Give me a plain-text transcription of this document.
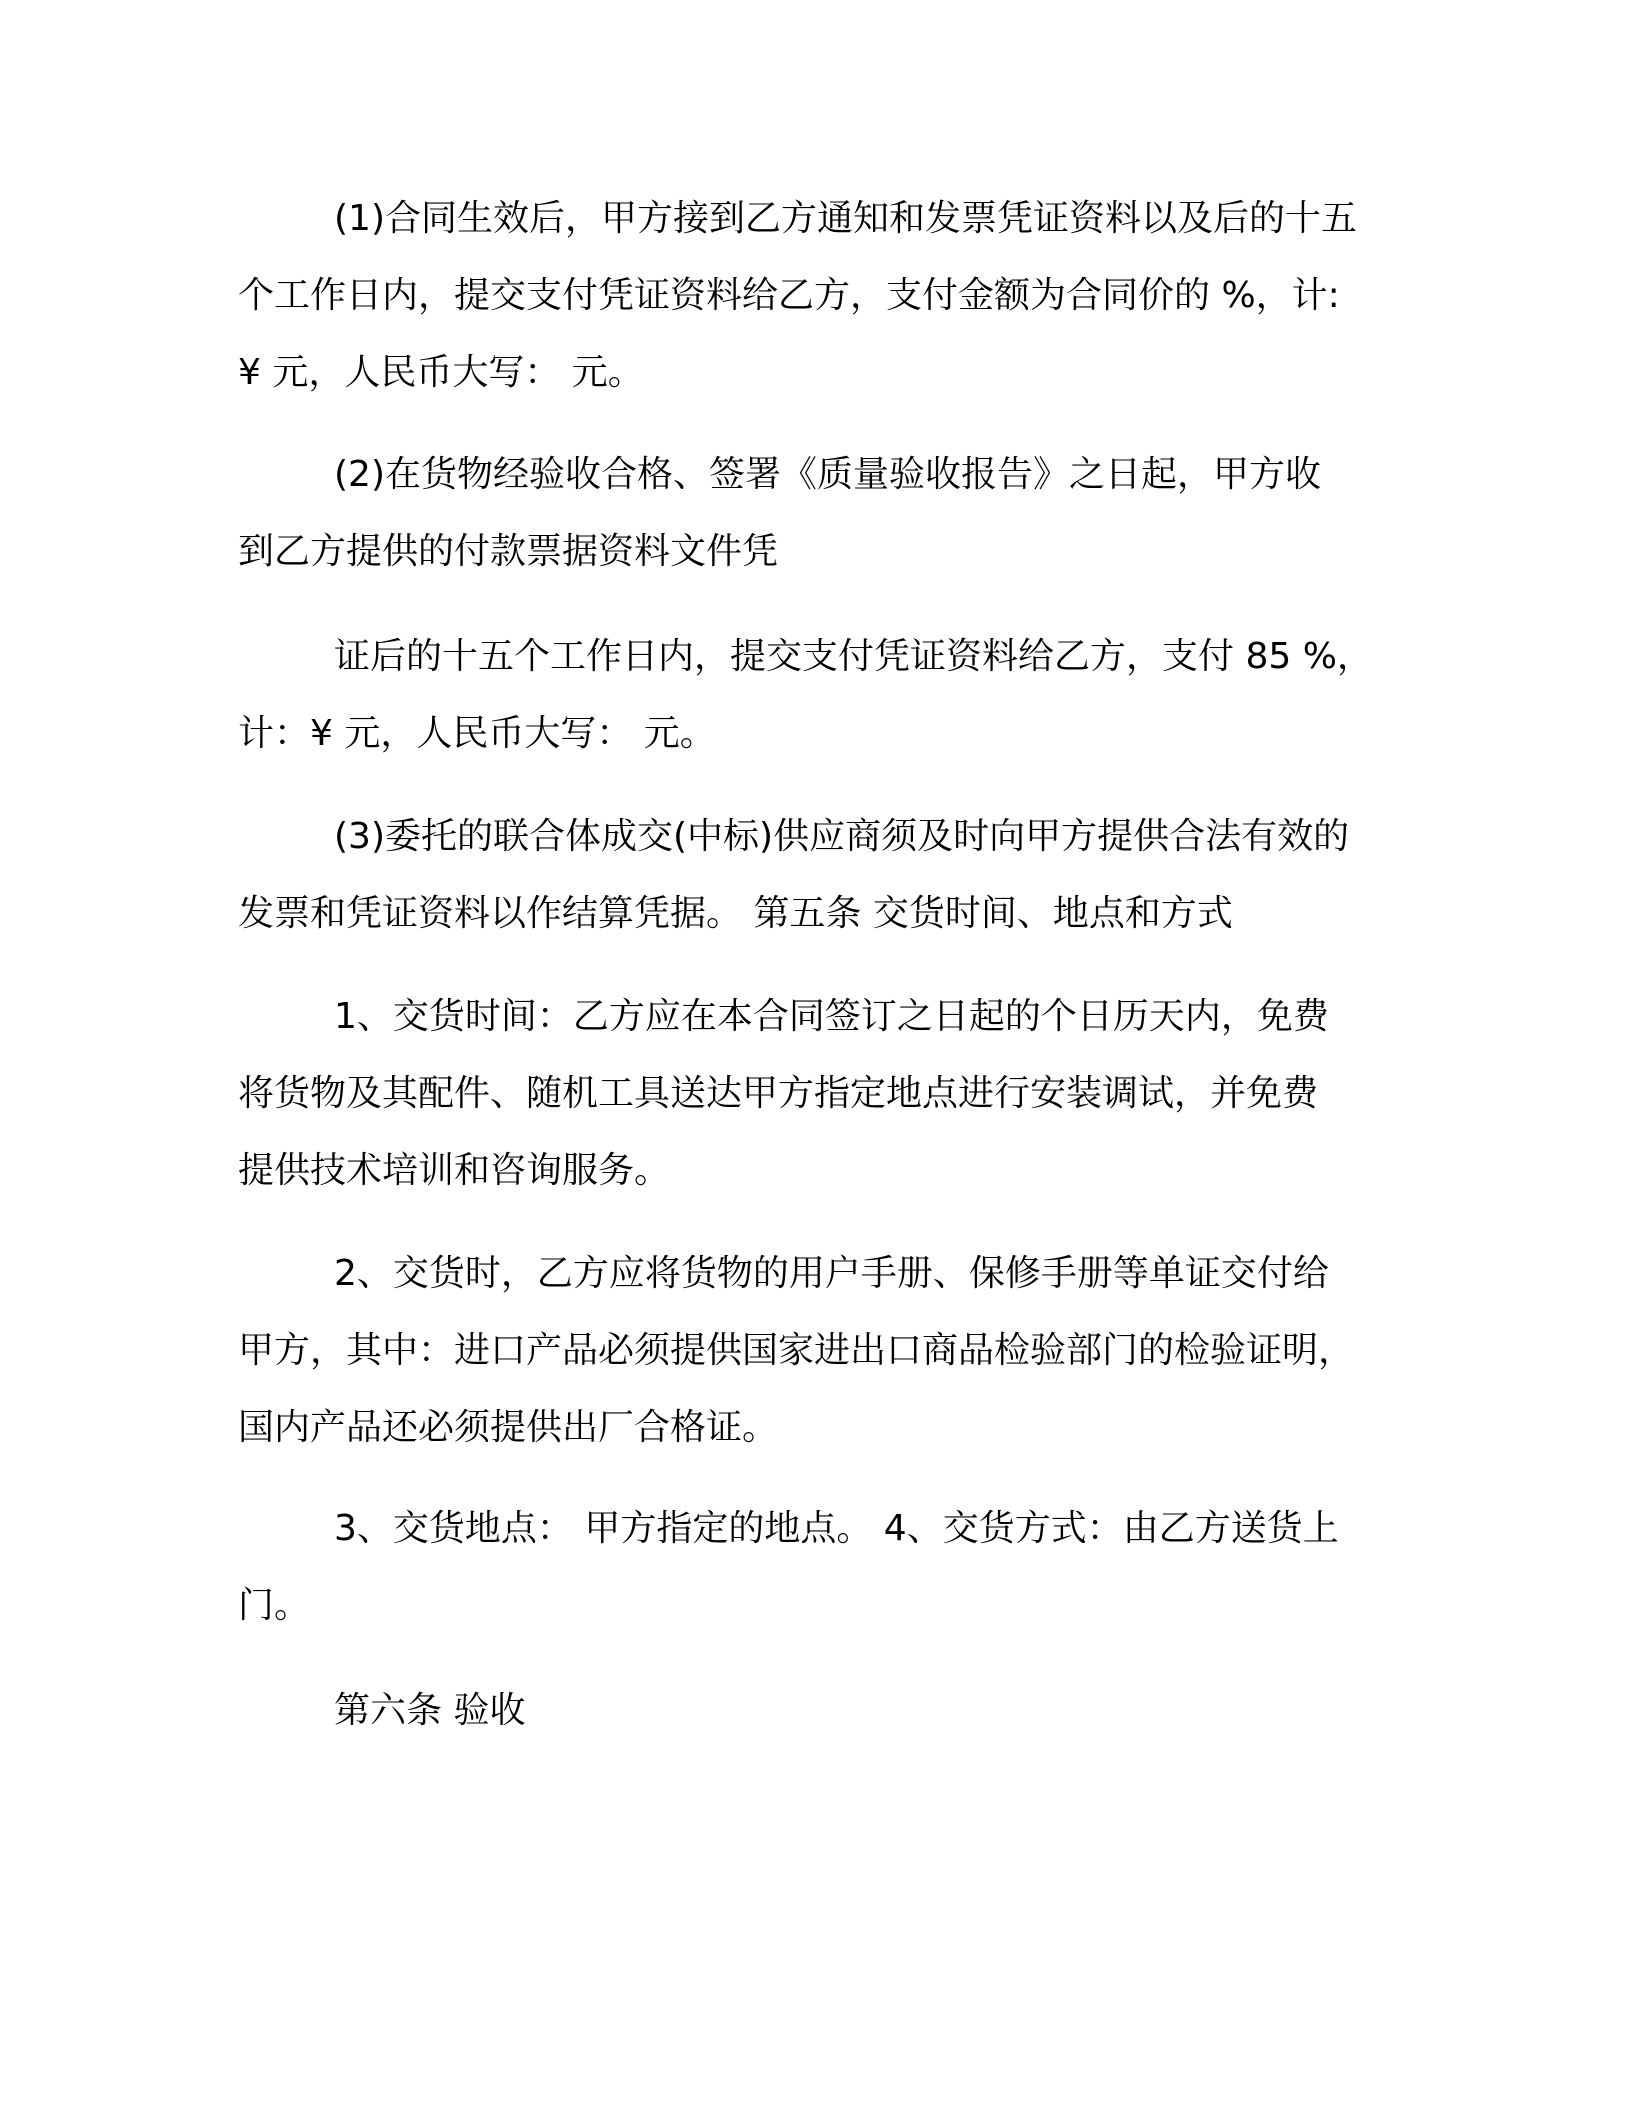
(1)合同生效后，甲方接到乙方通知和发票凭证资料以及后的十五
个工作日内，提交支付凭证资料给乙方，支付金额为合同价的 %，计:
¥ 元，人民币大写： 元。
(2)在货物经验收合格、签署《质量验收报告》之日起，甲方收
到乙方提供的付款票据资料文件凭
证后的十五个工作日内，提交支付凭证资料给乙方，支付 85 %，
计：¥ 元，人民币大写： 元。
(3)委托的联合体成交(中标)供应商须及时向甲方提供合法有效的
发票和凭证资料以作结算凭据。 第五条 交货时间、地点和方式
1、交货时间：乙方应在本合同签订之日起的个日历天内，免费
将货物及其配件、随机工具送达甲方指定地点进行安装调试，并免费
提供技术培训和咨询服务。
2、交货时，乙方应将货物的用户手册、保修手册等单证交付给
甲方，其中：进口产品必须提供国家进出口商品检验部门的检验证明，
国内产品还必须提供出厂合格证。
3、交货地点： 甲方指定的地点。 4、交货方式：由乙方送货上
门。
第六条 验收
